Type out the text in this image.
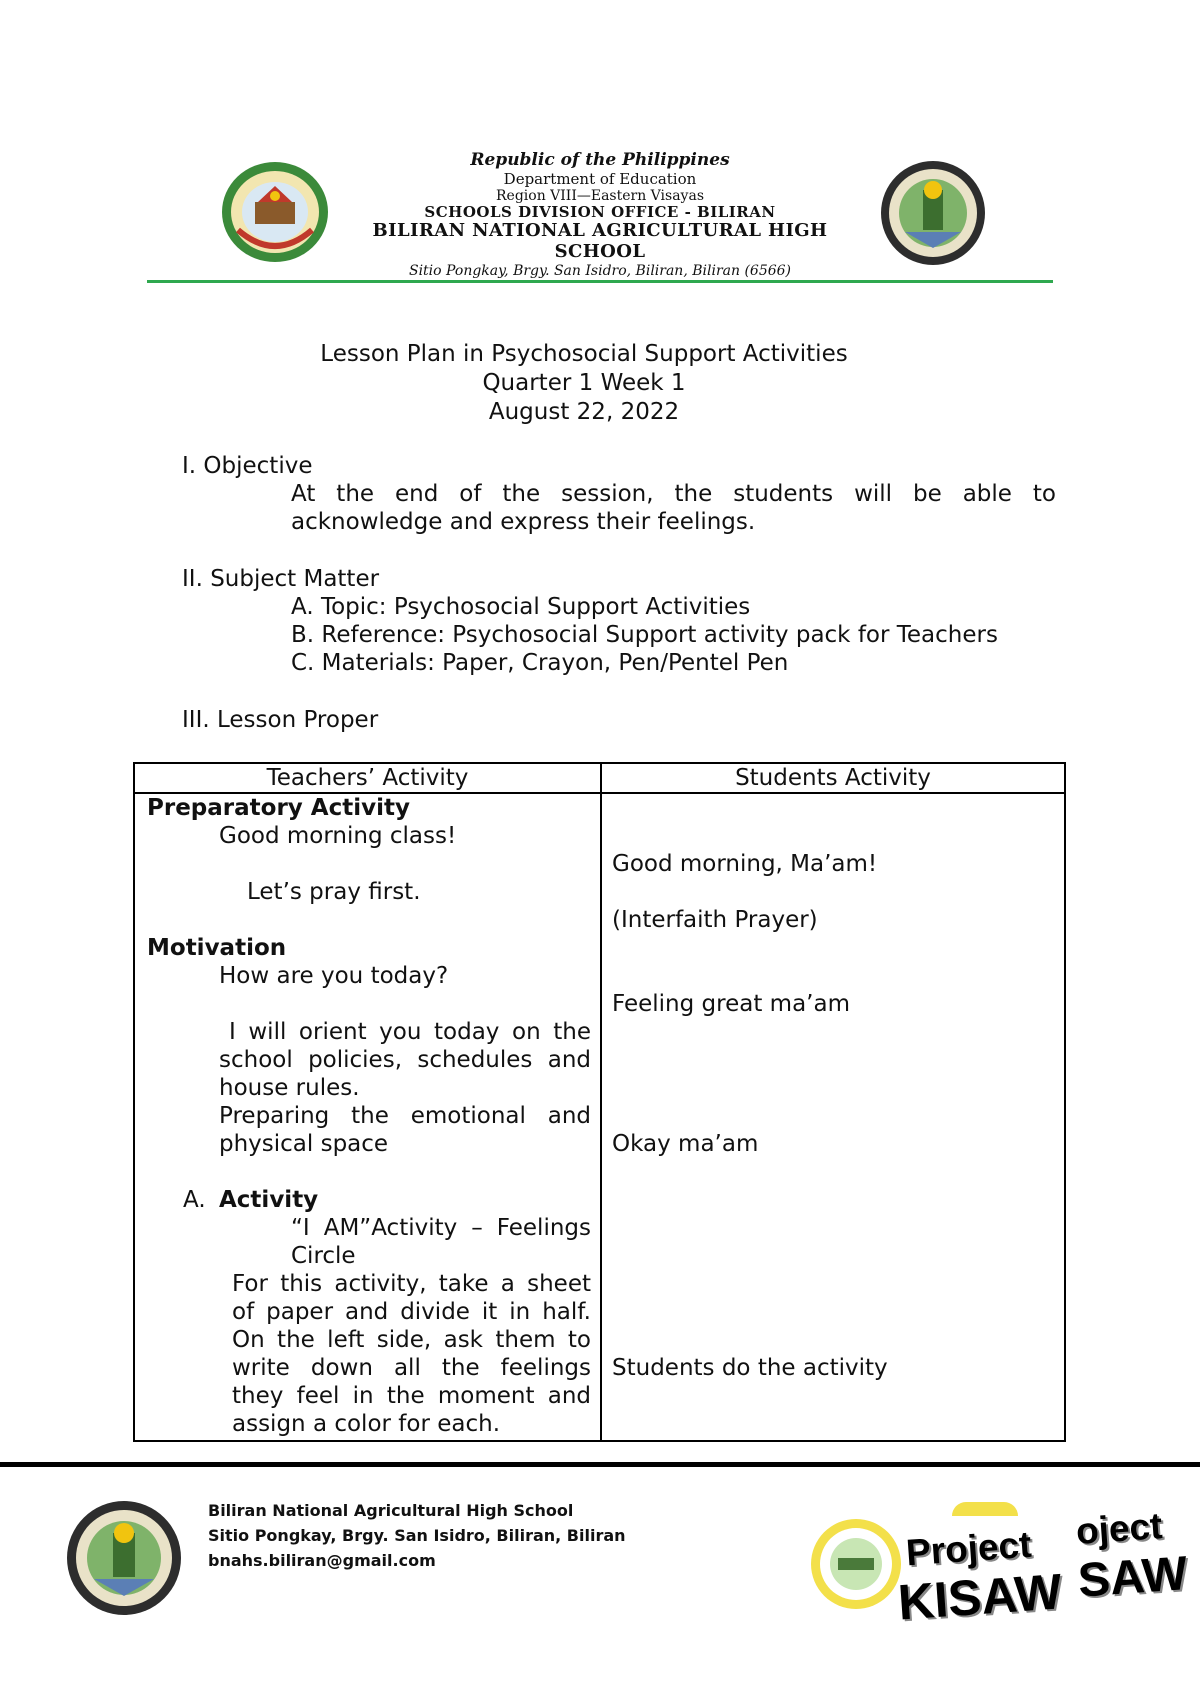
Republic of the Philippines
Department of Education
Region VIII—Eastern Visayas
SCHOOLS DIVISION OFFICE - BILIRAN
BILIRAN NATIONAL AGRICULTURAL HIGH SCHOOL
Sitio Pongkay, Brgy. San Isidro, Biliran, Biliran (6566)
Lesson Plan in Psychosocial Support Activities
Quarter 1 Week 1
August 22, 2022
I. Objective
At the end of the session, the students will be able to acknowledge and express their feelings.
II. Subject Matter
A. Topic: Psychosocial Support Activities
B. Reference: Psychosocial Support activity pack for Teachers
C. Materials: Paper, Crayon, Pen/Pentel Pen
III. Lesson Proper
Teachers’ Activity	Students Activity
Preparatory Activity
Good morning class!
Let’s pray first.
Motivation
How are you today?
I will orient you today on the school policies, schedules and house rules.
Preparing the emotional and physical space
A. Activity
“I AM”Activity – Feelings Circle
For this activity, take a sheet of paper and divide it in half. On the left side, ask them to write down all the feelings they feel in the moment and assign a color for each.
Good morning, Ma’am!
(Interfaith Prayer)
Feeling great ma’am
Okay ma’am
Students do the activity
Biliran National Agricultural High School
Sitio Pongkay, Brgy. San Isidro, Biliran, Biliran
bnahs.biliran@gmail.com	Project
KISAW
oject
SAW
